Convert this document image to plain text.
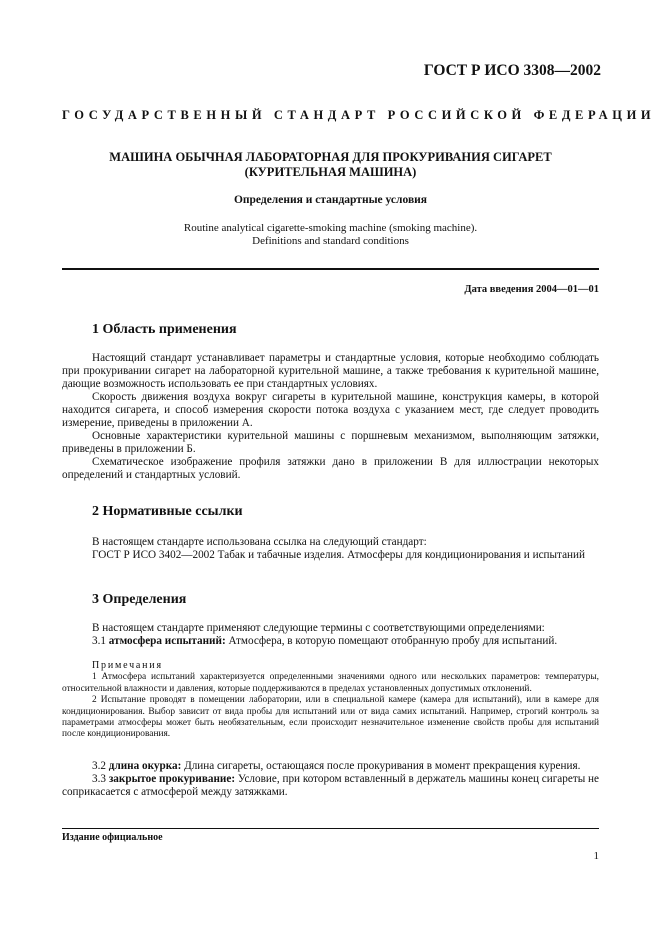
ГОСТ Р ИСО 3308—2002
ГОСУДАРСТВЕННЫЙ СТАНДАРТ РОССИЙСКОЙ ФЕДЕРАЦИИ
МАШИНА ОБЫЧНАЯ ЛАБОРАТОРНАЯ ДЛЯ ПРОКУРИВАНИЯ СИГАРЕТ
(КУРИТЕЛЬНАЯ МАШИНА)
Определения и стандартные условия
Routine analytical cigarette-smoking machine (smoking machine).
Definitions and standard conditions
Дата введения 2004—01—01
1 Область применения

Настоящий стандарт устанавливает параметры и стандартные условия, которые необходимо соблюдать при прокуривании сигарет на лабораторной курительной машине, а также требования к курительной машине, дающие возможность использовать ее при стандартных условиях.

Скорость движения воздуха вокруг сигареты в курительной машине, конструкция камеры, в которой находится сигарета, и способ измерения скорости потока воздуха с указанием мест, где следует проводить измерение, приведены в приложении А.

Основные характеристики курительной машины с поршневым механизмом, выполняющим затяжки, приведены в приложении Б.

Схематическое изображение профиля затяжки дано в приложении В для иллюстрации некоторых определений и стандартных условий.

2 Нормативные ссылки

В настоящем стандарте использована ссылка на следующий стандарт:

ГОСТ Р ИСО 3402—2002 Табак и табачные изделия. Атмосферы для кондиционирования и испытаний

3 Определения

В настоящем стандарте применяют следующие термины с соответствующими определениями:

3.1 атмосфера испытаний: Атмосфера, в которую помещают отобранную пробу для испытаний.

Примечания

1 Атмосфера испытаний характеризуется определенными значениями одного или нескольких параметров: температуры, относительной влажности и давления, которые поддерживаются в пределах установленных допустимых отклонений.

2 Испытание проводят в помещении лаборатории, или в специальной камере (камера для испытаний), или в камере для кондиционирования. Выбор зависит от вида пробы для испытаний или от вида самих испытаний. Например, строгий контроль за параметрами атмосферы может быть необязательным, если происходит незначительное изменение свойств пробы для испытаний после кондиционирования.

3.2 длина окурка: Длина сигареты, остающаяся после прокуривания в момент прекращения курения.

3.3 закрытое прокуривание: Условие, при котором вставленный в держатель машины конец сигареты не соприкасается с атмосферой между затяжками.

Издание официальное
1
